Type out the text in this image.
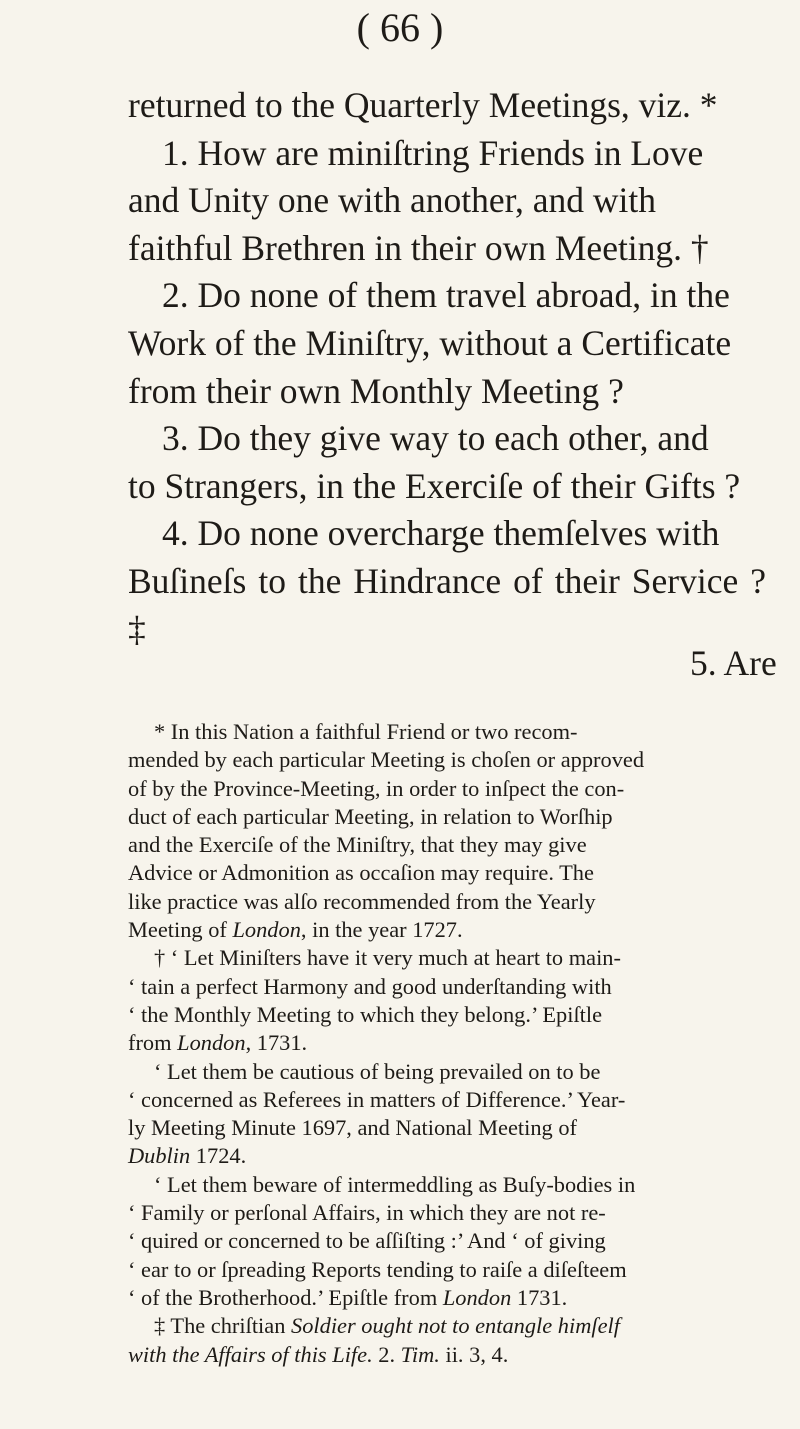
( 66 )

returned to the Quarterly Meetings, viz. *
1. How are miniſtring Friends in Love
and Unity one with another, and with
faithful Brethren in their own Meeting. †
2. Do none of them travel abroad, in the
Work of the Miniſtry, without a Certificate
from their own Monthly Meeting ?
3. Do they give way to each other, and
to Strangers, in the Exerciſe of their Gifts ?
4. Do none overcharge themſelves with
Buſineſs to the Hindrance of their Service ? ‡

5. Are

* In this Nation a faithful Friend or two recom-
mended by each particular Meeting is choſen or approved
of by the Province-Meeting, in order to inſpect the con-
duct of each particular Meeting, in relation to Worſhip
and the Exerciſe of the Miniſtry, that they may give
Advice or Admonition as occaſion may require. The
like practice was alſo recommended from the Yearly
Meeting of London, in the year 1727.

† ‘ Let Miniſters have it very much at heart to main-
‘ tain a perfect Harmony and good underſtanding with
‘ the Monthly Meeting to which they belong.’ Epiſtle
from London, 1731.
‘ Let them be cautious of being prevailed on to be
‘ concerned as Referees in matters of Difference.’ Year-
ly Meeting Minute 1697, and National Meeting of
Dublin 1724.
‘ Let them beware of intermeddling as Buſy-bodies in
‘ Family or perſonal Affairs, in which they are not re-
‘ quired or concerned to be aſſiſting :’ And ‘ of giving
‘ ear to or ſpreading Reports tending to raiſe a diſeſteem
‘ of the Brotherhood.’ Epiſtle from London 1731.

‡ The chriſtian Soldier ought not to entangle himſelf
with the Affairs of this Life. 2. Tim. ii. 3, 4.
